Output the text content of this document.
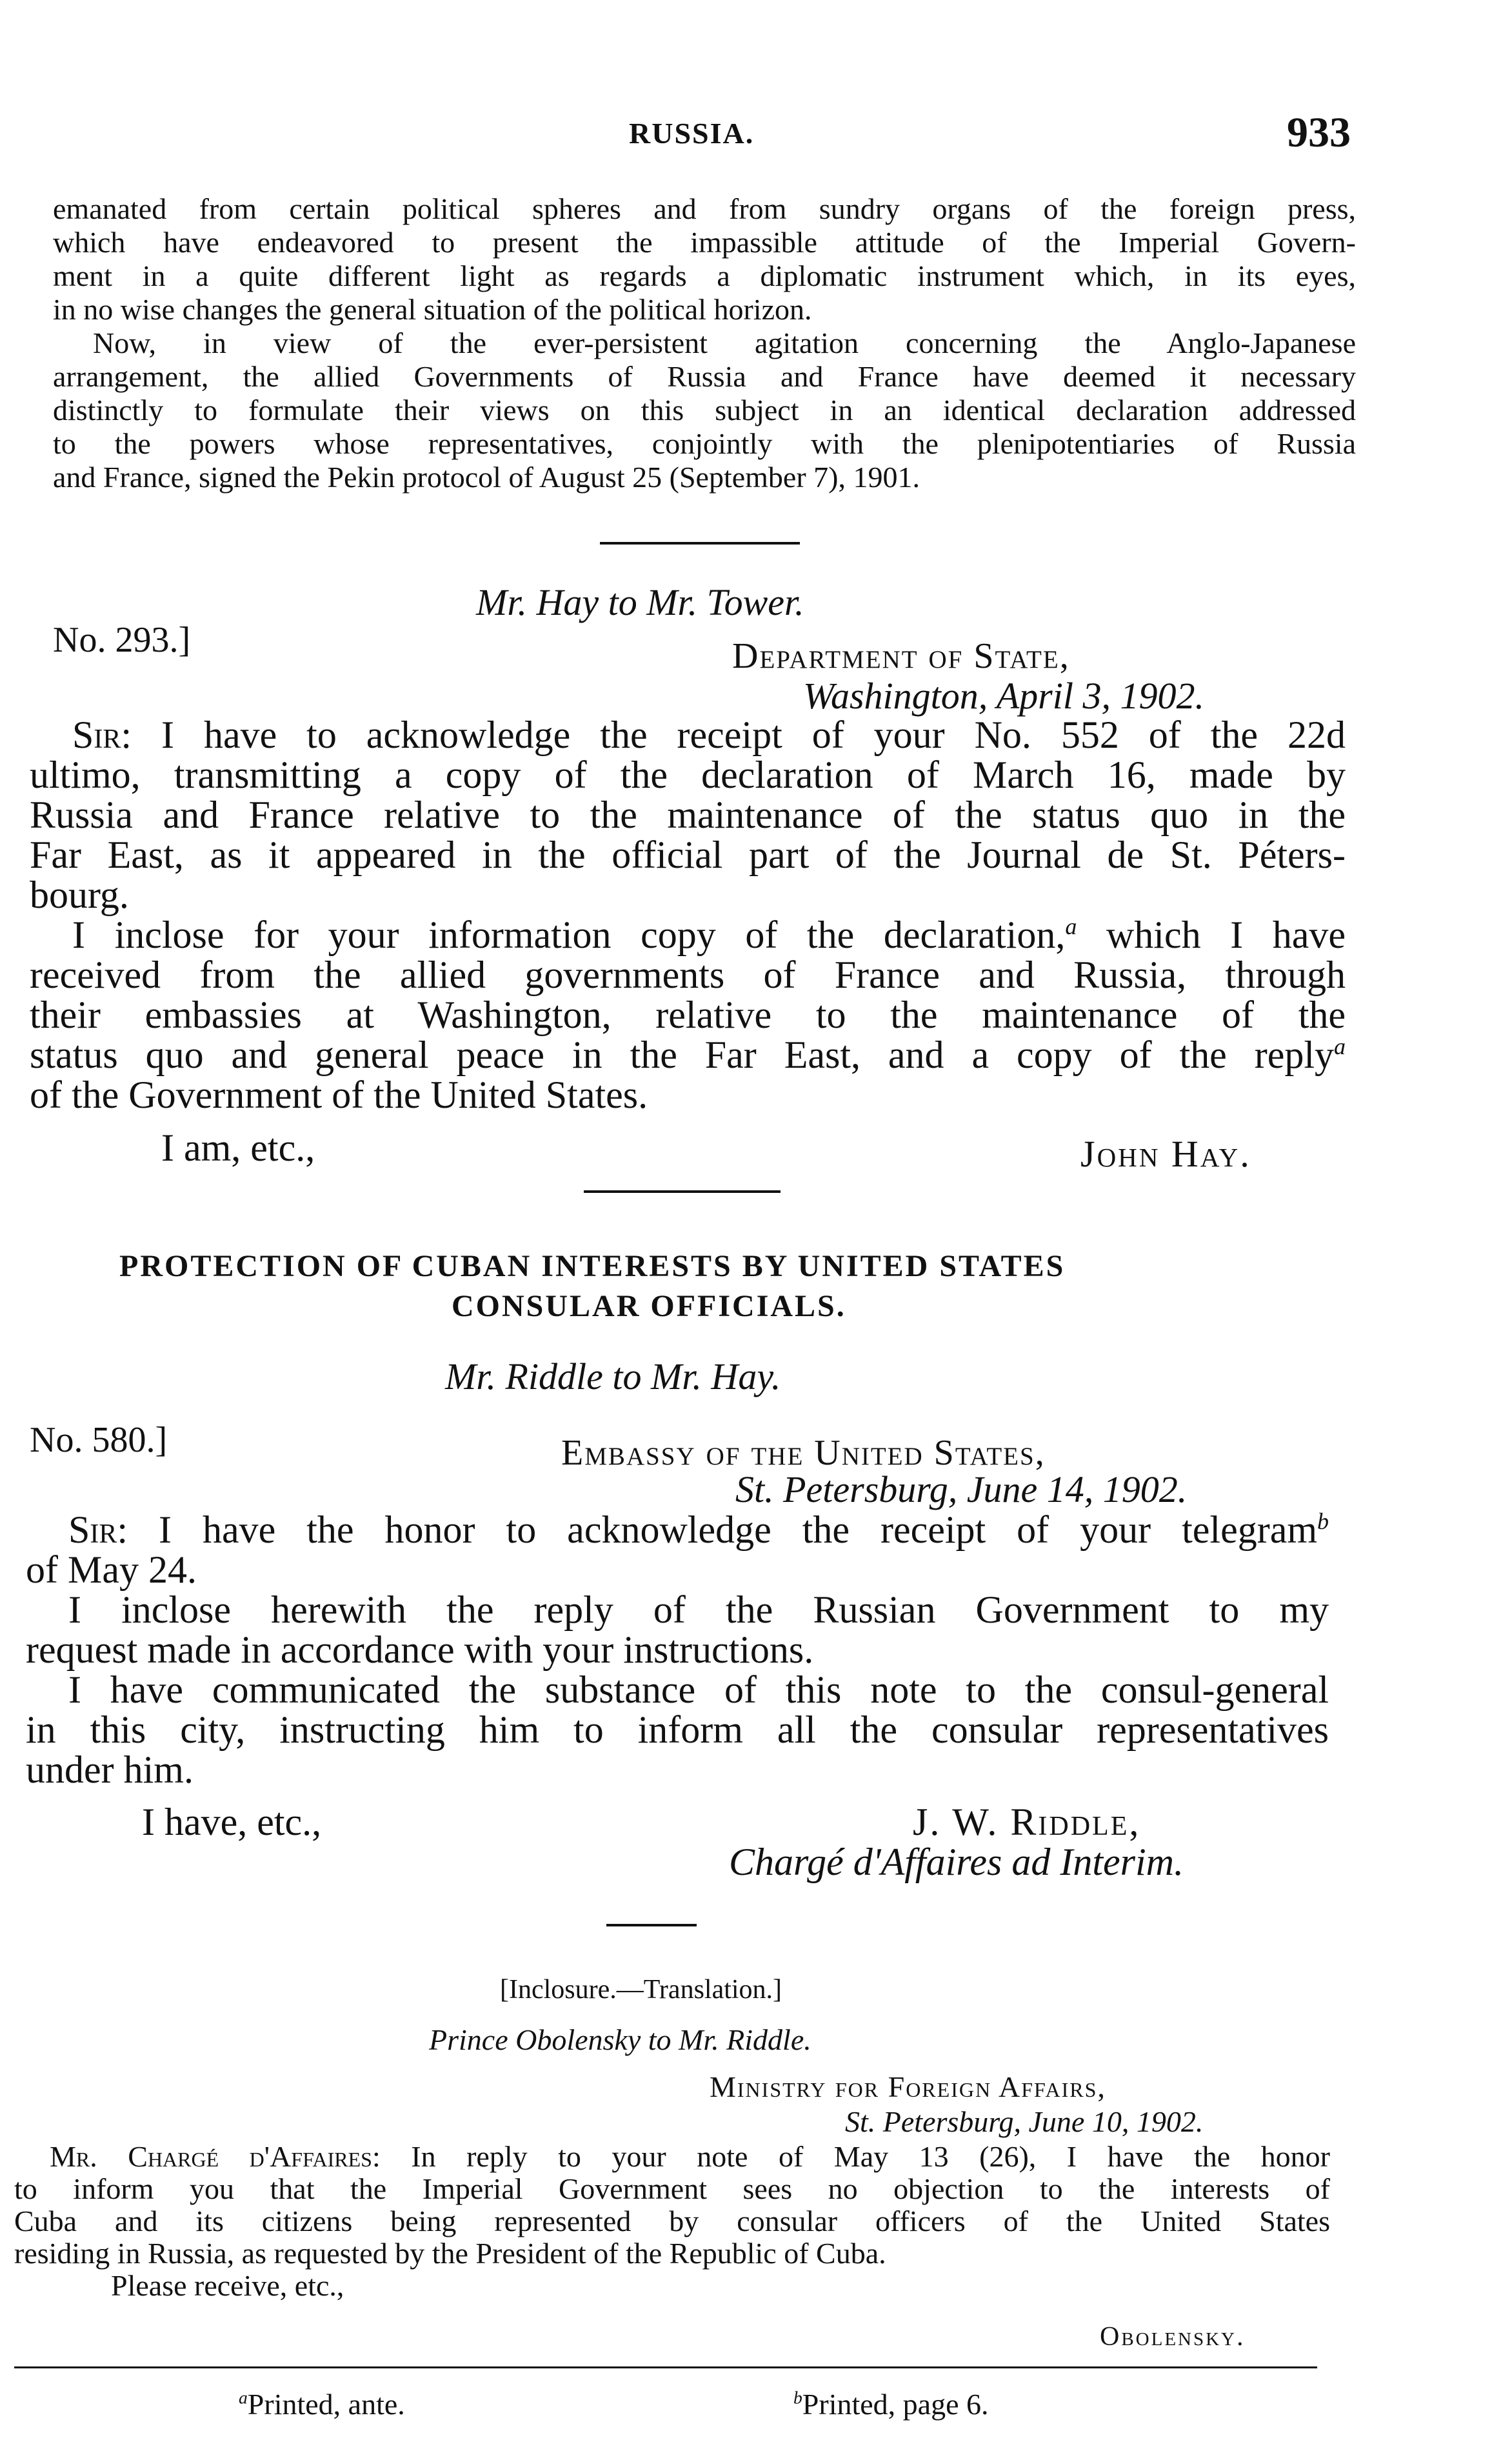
RUSSIA.	933
emanated from certain political spheres and from sundry organs of the foreign press,
which have endeavored to present the impassible attitude of the Imperial Govern-
ment in a quite different light as regards a diplomatic instrument which, in its eyes,
in no wise changes the general situation of the political horizon.
Now, in view of the ever-persistent agitation concerning the Anglo-Japanese
arrangement, the allied Governments of Russia and France have deemed it necessary
distinctly to formulate their views on this subject in an identical declaration addressed
to the powers whose representatives, conjointly with the plenipotentiaries of Russia
and France, signed the Pekin protocol of August 25 (September 7), 1901.
Mr. Hay to Mr. Tower.
No. 293.]	Department of State,
Washington, April 3, 1902.
Sir: I have to acknowledge the receipt of your No. 552 of the 22d
ultimo, transmitting a copy of the declaration of March 16, made by
Russia and France relative to the maintenance of the status quo in the
Far East, as it appeared in the official part of the Journal de St. Péters-
bourg.
I inclose for your information copy of the declaration,$^a$ which I have
received from the allied governments of France and Russia, through
their embassies at Washington, relative to the maintenance of the
status quo and general peace in the Far East, and a copy of the reply$^a$
of the Government of the United States.
I am, etc.,	John Hay.
PROTECTION OF CUBAN INTERESTS BY UNITED STATES
CONSULAR OFFICIALS.
Mr. Riddle to Mr. Hay.
No. 580.]	Embassy of the United States,
St. Petersburg, June 14, 1902.
Sir: I have the honor to acknowledge the receipt of your telegram$^b$
of May 24.
I inclose herewith the reply of the Russian Government to my
request made in accordance with your instructions.
I have communicated the substance of this note to the consul-general
in this city, instructing him to inform all the consular representatives
under him.
I have, etc.,	J. W. Riddle,
Chargé d'Affaires ad Interim.
[Inclosure.—Translation.]
Prince Obolensky to Mr. Riddle.
Ministry for Foreign Affairs,
St. Petersburg, June 10, 1902.
Mr. Chargé d'Affaires: In reply to your note of May 13 (26), I have the honor
to inform you that the Imperial Government sees no objection to the interests of
Cuba and its citizens being represented by consular officers of the United States
residing in Russia, as requested by the President of the Republic of Cuba.
Please receive, etc.,
Obolensky.
$^a$Printed, ante.	$^b$Printed, page 6.
